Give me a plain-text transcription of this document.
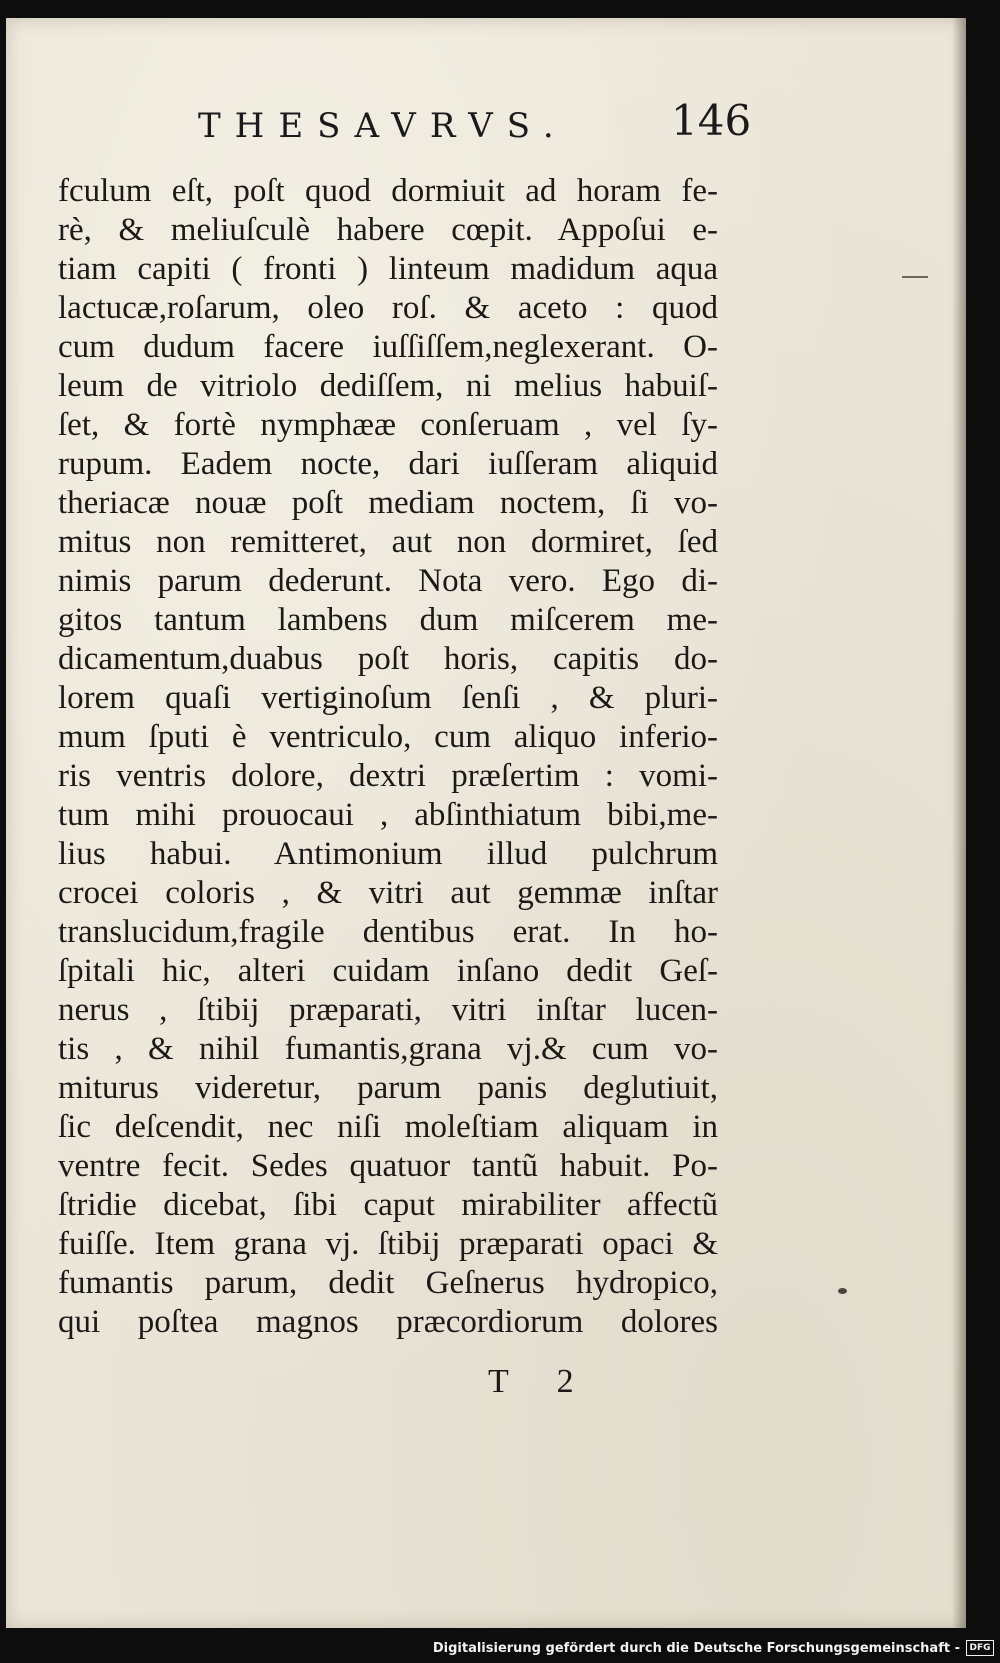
THESAVRVS. 146
fculum eſt, poſt quod dormiuit ad horam fe-
rè, & meliuſculè habere cœpit. Appoſui e-
tiam capiti ( fronti ) linteum madidum aqua
lactucæ,roſarum, oleo roſ. & aceto : quod
cum dudum facere iuſſiſſem,neglexerant. O-
leum de vitriolo dediſſem, ni melius habuiſ-
ſet, & fortè nymphææ conſeruam , vel ſy-
rupum. Eadem nocte, dari iuſſeram aliquid
theriacæ nouæ poſt mediam noctem, ſi vo-
mitus non remitteret, aut non dormiret, ſed
nimis parum dederunt. Nota vero. Ego di-
gitos tantum lambens dum miſcerem me-
dicamentum,duabus poſt horis, capitis do-
lorem quaſi vertiginoſum ſenſi , & pluri-
mum ſputi è ventriculo, cum aliquo inferio-
ris ventris dolore, dextri præſertim : vomi-
tum mihi prouocaui , abſinthiatum bibi,me-
lius habui. Antimonium illud pulchrum
crocei coloris , & vitri aut gemmæ inſtar
translucidum,fragile dentibus erat. In ho-
ſpitali hic, alteri cuidam inſano dedit Geſ-
nerus , ſtibij præparati, vitri inſtar lucen-
tis , & nihil fumantis,grana vj.& cum vo-
miturus videretur, parum panis deglutiuit,
ſic deſcendit, nec niſi moleſtiam aliquam in
ventre fecit. Sedes quatuor tantũ habuit. Po-
ſtridie dicebat, ſibi caput mirabiliter affectũ
fuiſſe. Item grana vj. ſtibij præparati opaci &
fumantis parum, dedit Geſnerus hydropico,
qui poſtea magnos præcordiorum dolores
T 2
Digitalisierung gefördert durch die Deutsche Forschungsgemeinschaft - DFG
